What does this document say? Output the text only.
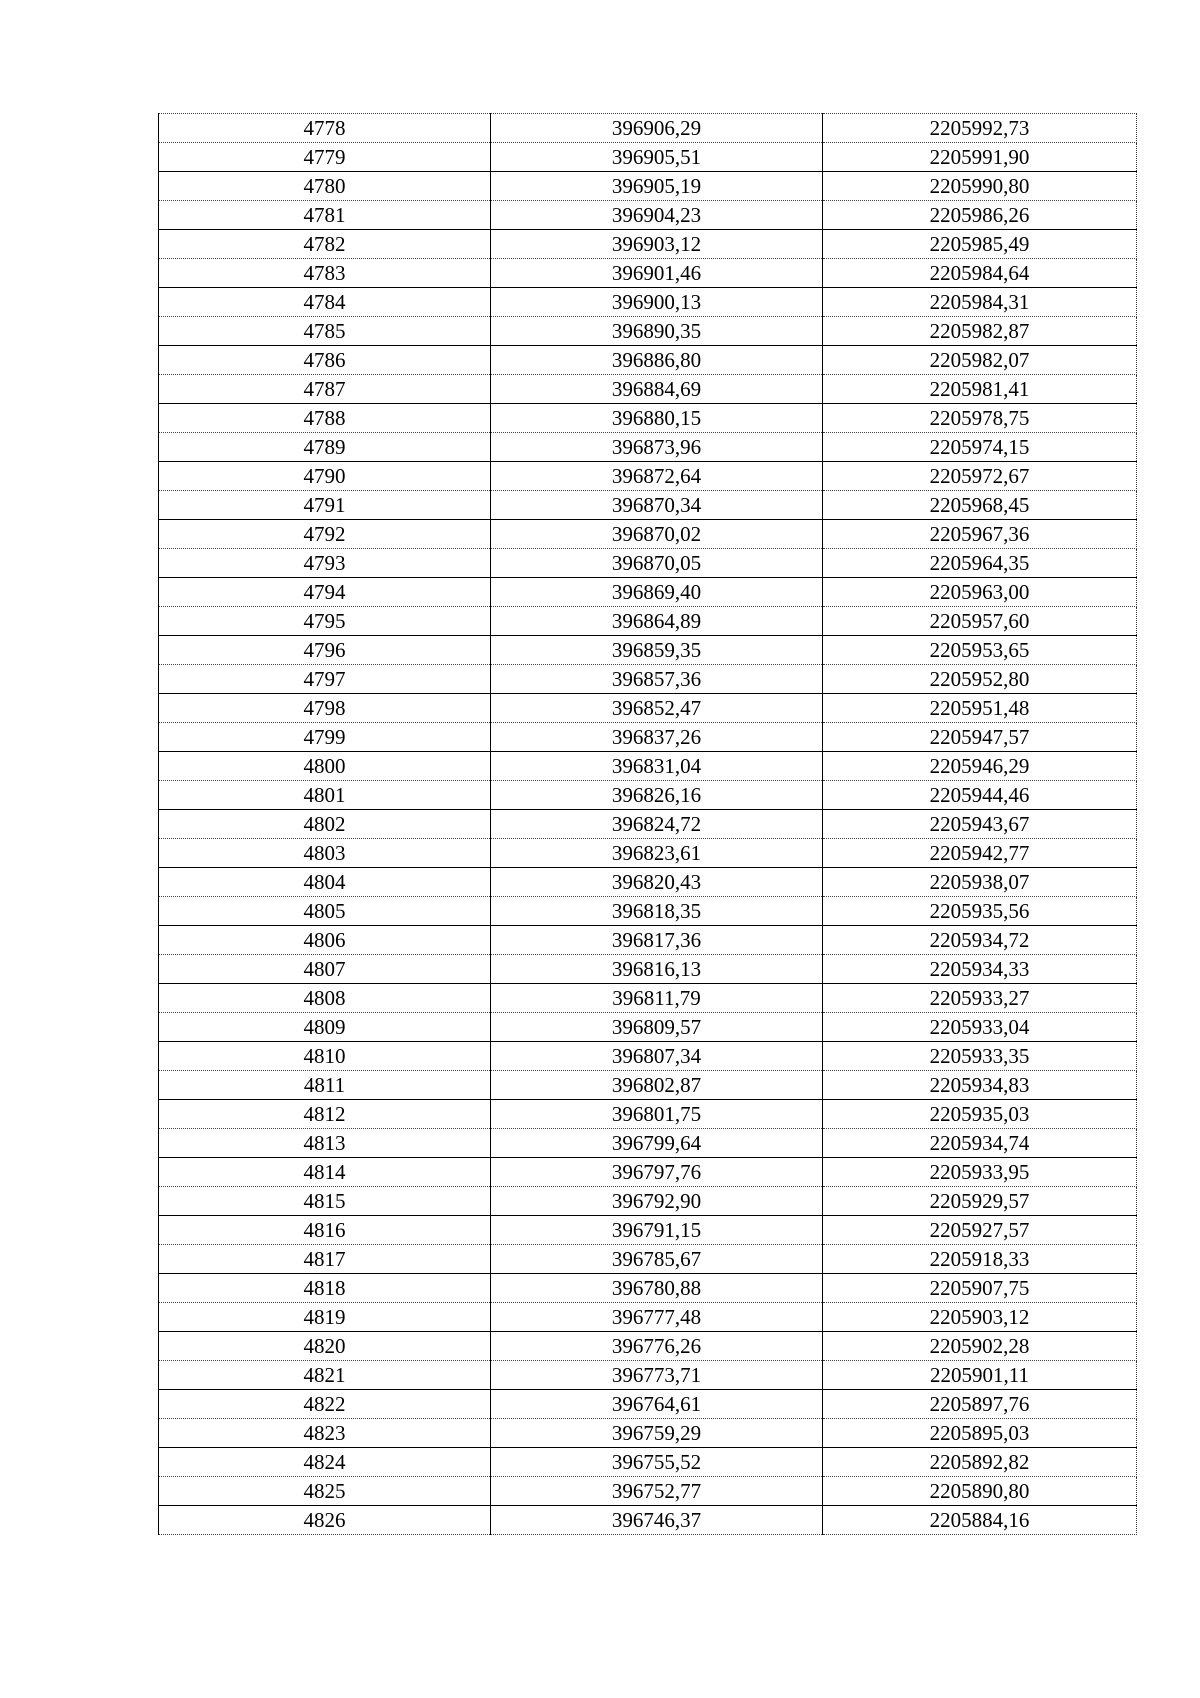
4778	396906,29	2205992,73
4779	396905,51	2205991,90
4780	396905,19	2205990,80
4781	396904,23	2205986,26
4782	396903,12	2205985,49
4783	396901,46	2205984,64
4784	396900,13	2205984,31
4785	396890,35	2205982,87
4786	396886,80	2205982,07
4787	396884,69	2205981,41
4788	396880,15	2205978,75
4789	396873,96	2205974,15
4790	396872,64	2205972,67
4791	396870,34	2205968,45
4792	396870,02	2205967,36
4793	396870,05	2205964,35
4794	396869,40	2205963,00
4795	396864,89	2205957,60
4796	396859,35	2205953,65
4797	396857,36	2205952,80
4798	396852,47	2205951,48
4799	396837,26	2205947,57
4800	396831,04	2205946,29
4801	396826,16	2205944,46
4802	396824,72	2205943,67
4803	396823,61	2205942,77
4804	396820,43	2205938,07
4805	396818,35	2205935,56
4806	396817,36	2205934,72
4807	396816,13	2205934,33
4808	396811,79	2205933,27
4809	396809,57	2205933,04
4810	396807,34	2205933,35
4811	396802,87	2205934,83
4812	396801,75	2205935,03
4813	396799,64	2205934,74
4814	396797,76	2205933,95
4815	396792,90	2205929,57
4816	396791,15	2205927,57
4817	396785,67	2205918,33
4818	396780,88	2205907,75
4819	396777,48	2205903,12
4820	396776,26	2205902,28
4821	396773,71	2205901,11
4822	396764,61	2205897,76
4823	396759,29	2205895,03
4824	396755,52	2205892,82
4825	396752,77	2205890,80
4826	396746,37	2205884,16
